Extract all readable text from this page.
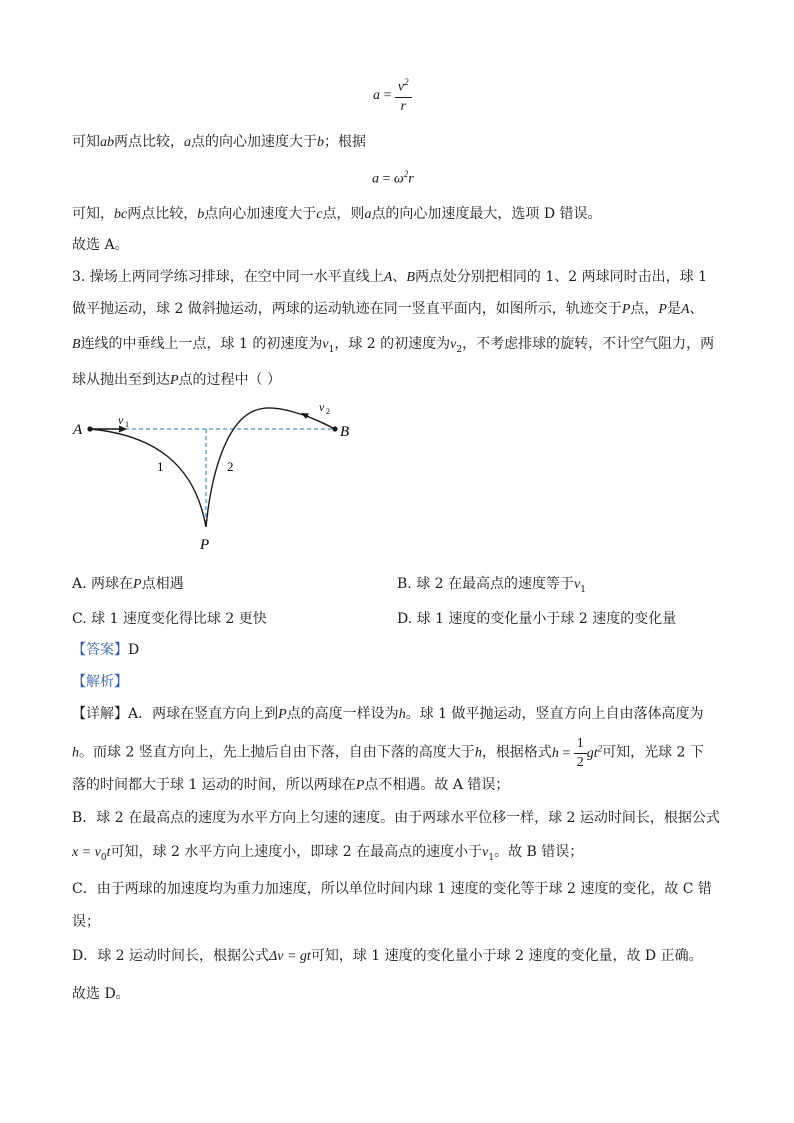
$a = \frac{v^2}{r}$
可知ab两点比较，a点的向心加速度大于b；根据
$a = \omega^2r$
可知，bc两点比较，b点向心加速度大于c点，则a点的向心加速度最大，选项 D 错误。
故选 A。
3. 操场上两同学练习排球，在空中同一水平直线上A、B两点处分别把相同的 1、2 两球同时击出，球 1
做平抛运动，球 2 做斜抛运动，两球的运动轨迹在同一竖直平面内，如图所示，轨迹交于P点，P是A、
B连线的中垂线上一点，球 1 的初速度为$v_1$，球 2 的初速度为$v_2$，不考虑排球的旋转，不计空气阻力，两
球从抛出至到达P点的过程中（ ）
A	B
P
v 1
v 2
1	2
A. 两球在P点相遇	B. 球 2 在最高点的速度等于$v_1$
C. 球 1 速度变化得比球 2 更快	D. 球 1 速度的变化量小于球 2 速度的变化量
【答案】D
【解析】
【详解】A．两球在竖直方向上到P点的高度一样设为h。球 1 做平抛运动，竖直方向上自由落体高度为
h。而球 2 竖直方向上，先上抛后自由下落，自由下落的高度大于h，根据格式$h = \frac{1}{2} gt^2$可知，光球 2 下
落的时间都大于球 1 运动的时间，所以两球在P点不相遇。故 A 错误；
B．球 2 在最高点的速度为水平方向上匀速的速度。由于两球水平位移一样，球 2 运动时间长，根据公式
$x = v_0t$可知，球 2 水平方向上速度小，即球 2 在最高点的速度小于$v_1$。故 B 错误；
C．由于两球的加速度均为重力加速度，所以单位时间内球 1 速度的变化等于球 2 速度的变化，故 C 错
误；
D．球 2 运动时间长，根据公式Δv = gt可知，球 1 速度的变化量小于球 2 速度的变化量，故 D 正确。
故选 D。
